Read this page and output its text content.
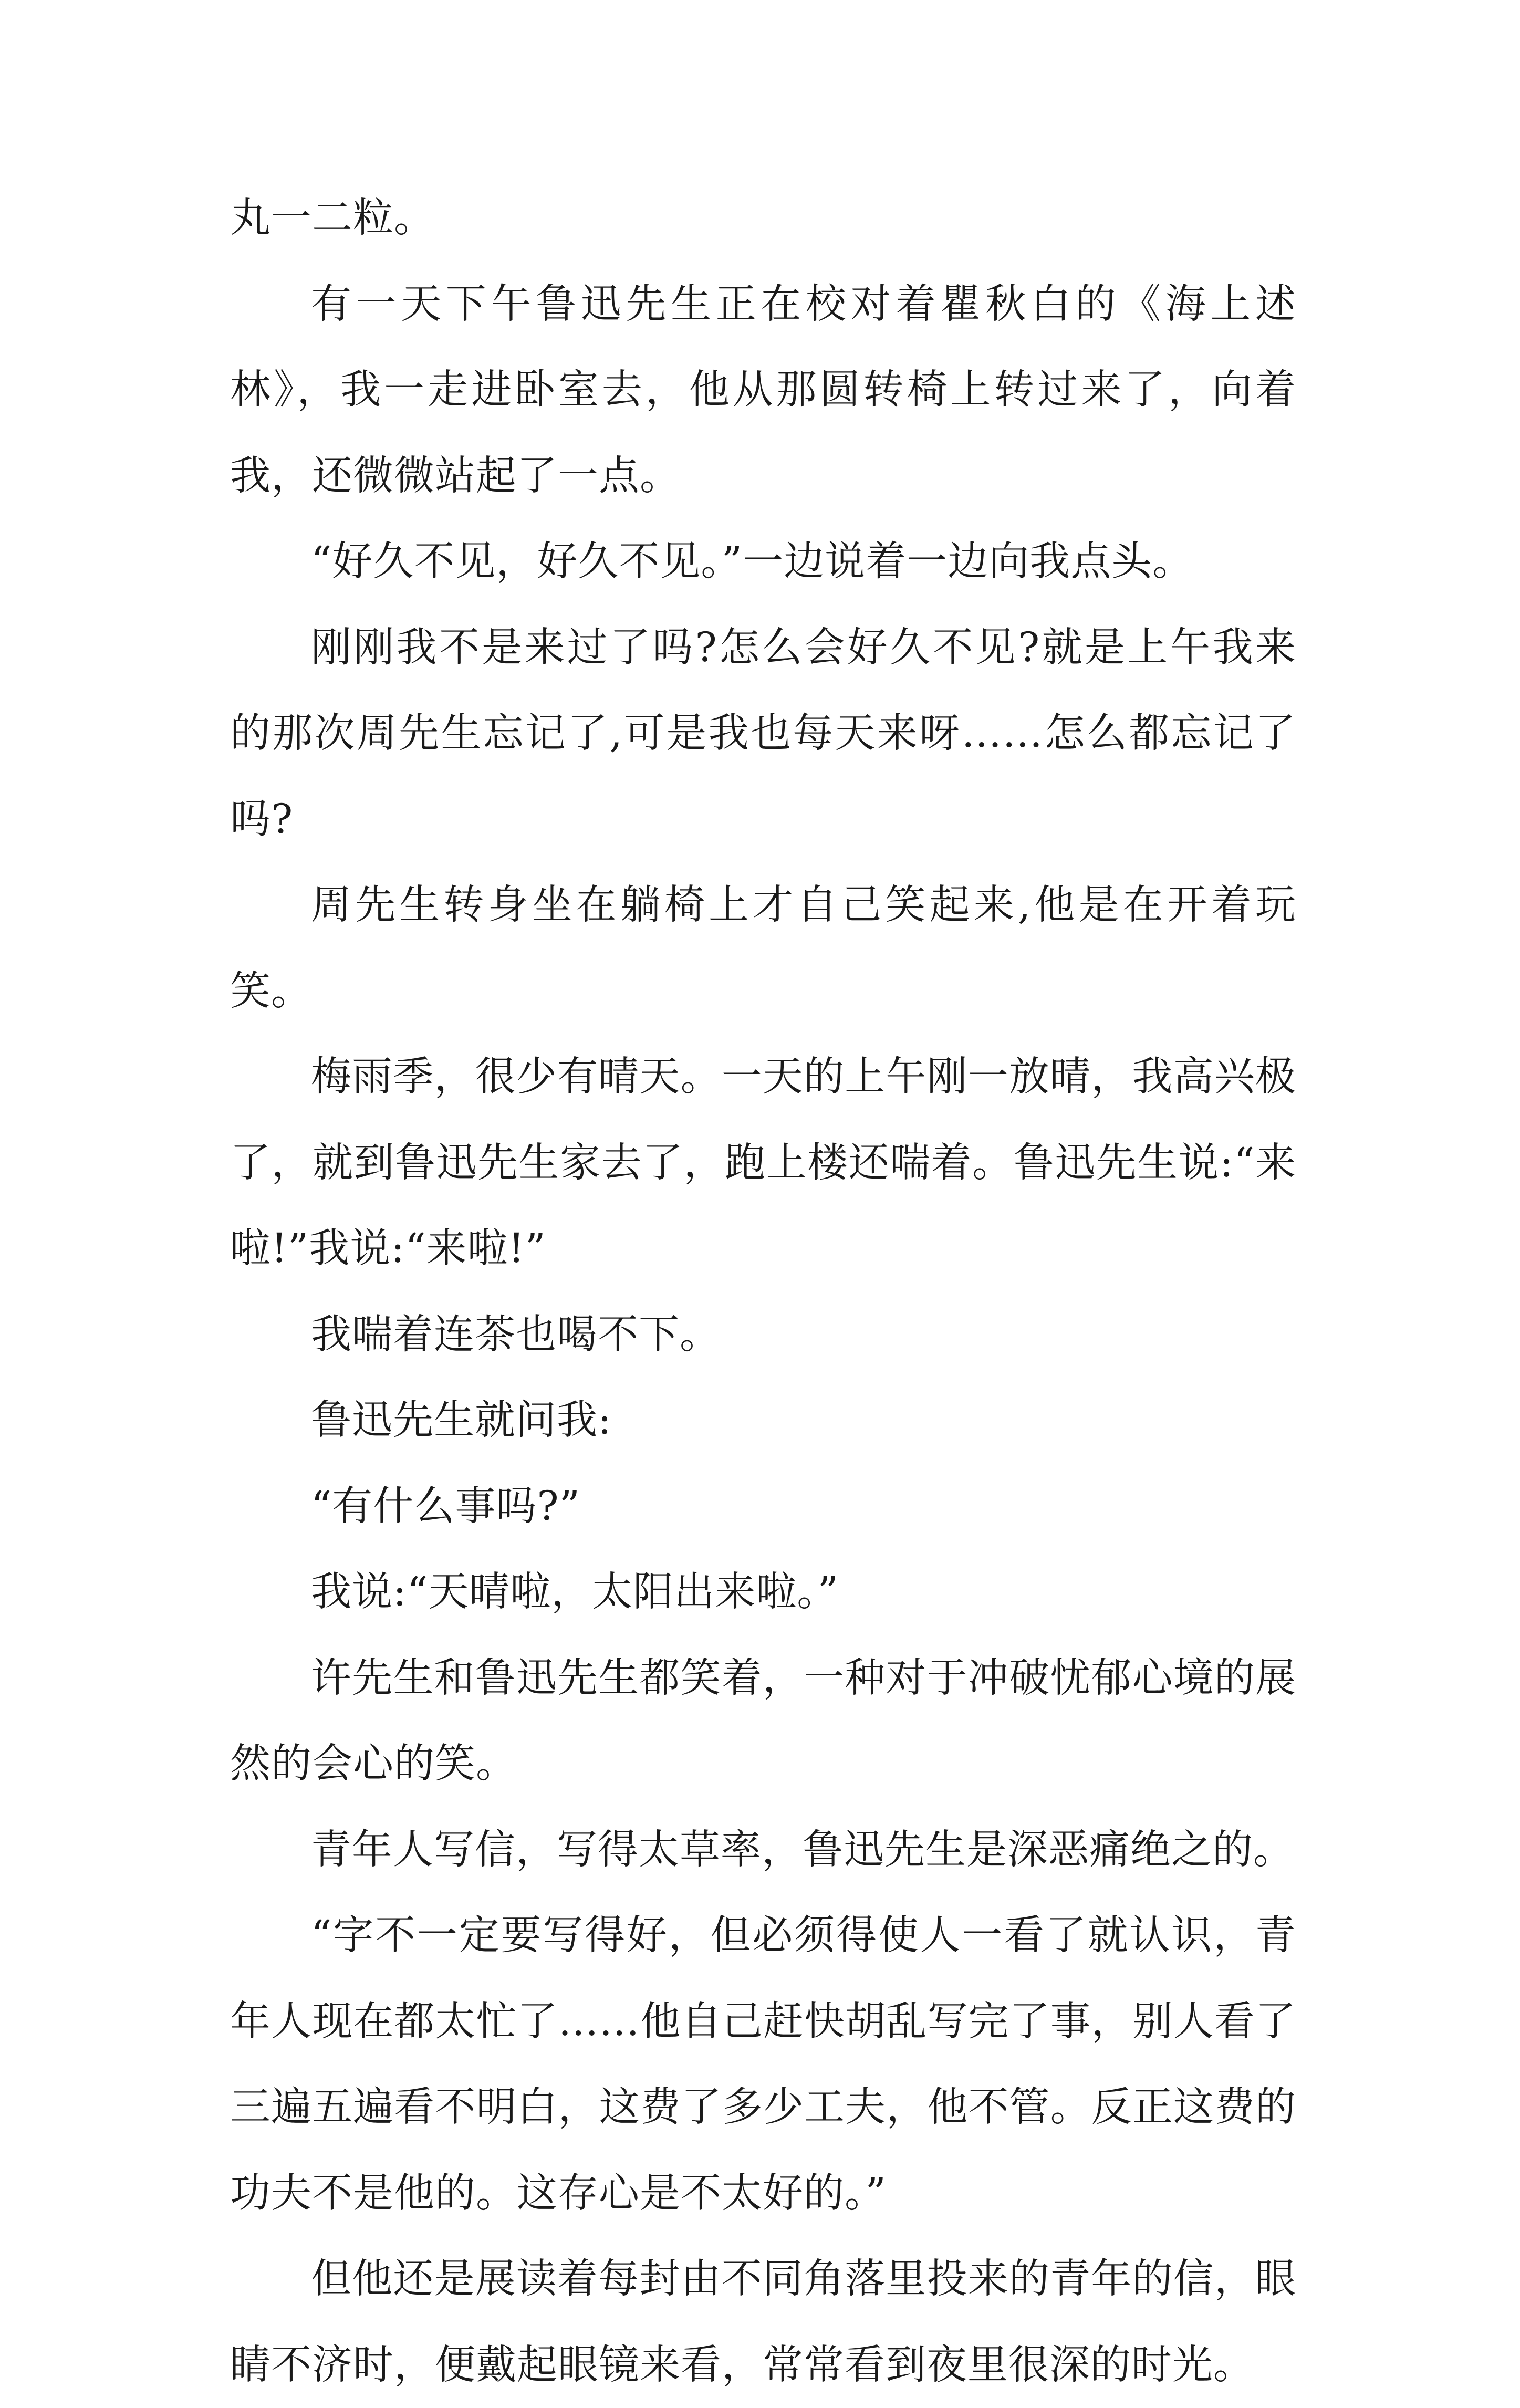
丸一二粒。

有一天下午鲁迅先生正在校对着瞿秋白的《海上述林》，我一走进卧室去，他从那圆转椅上转过来了，向着我，还微微站起了一点。

“好久不见，好久不见。”一边说着一边向我点头。

刚刚我不是来过了吗?怎么会好久不见?就是上午我来的那次周先生忘记了,可是我也每天来呀……怎么都忘记了吗?

周先生转身坐在躺椅上才自己笑起来,他是在开着玩笑。

梅雨季，很少有晴天。一天的上午刚一放晴，我高兴极了，就到鲁迅先生家去了，跑上楼还喘着。鲁迅先生说:“来啦!”我说:“来啦!”

我喘着连茶也喝不下。

鲁迅先生就问我:

“有什么事吗?”

我说:“天晴啦，太阳出来啦。”

许先生和鲁迅先生都笑着，一种对于冲破忧郁心境的展然的会心的笑。

青年人写信，写得太草率，鲁迅先生是深恶痛绝之的。

“字不一定要写得好，但必须得使人一看了就认识，青年人现在都太忙了……他自己赶快胡乱写完了事，别人看了三遍五遍看不明白，这费了多少工夫，他不管。反正这费的功夫不是他的。这存心是不太好的。”

但他还是展读着每封由不同角落里投来的青年的信，眼睛不济时，便戴起眼镜来看，常常看到夜里很深的时光。
